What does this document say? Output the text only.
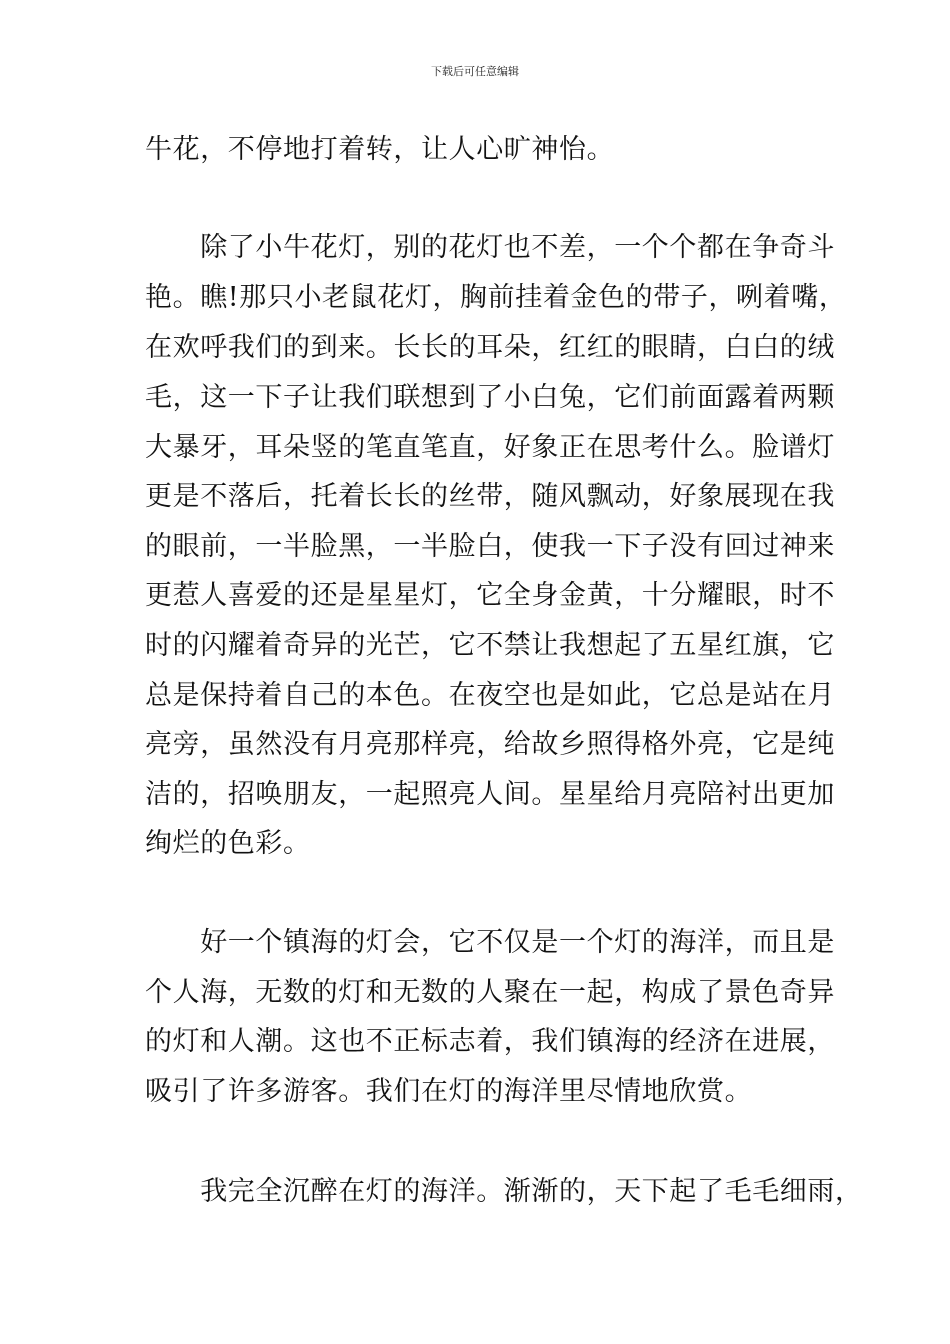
下载后可任意编辑
牛花，不停地打着转，让人心旷神怡。
　　除了小牛花灯，别的花灯也不差，一个个都在争奇斗
艳。瞧!那只小老鼠花灯，胸前挂着金色的带子，咧着嘴，
在欢呼我们的到来。长长的耳朵，红红的眼睛，白白的绒
毛，这一下子让我们联想到了小白兔，它们前面露着两颗
大暴牙，耳朵竖的笔直笔直，好象正在思考什么。脸谱灯
更是不落后，托着长长的丝带，随风飘动，好象展现在我
的眼前，一半脸黑，一半脸白，使我一下子没有回过神来
更惹人喜爱的还是星星灯，它全身金黄，十分耀眼，时不
时的闪耀着奇异的光芒，它不禁让我想起了五星红旗，它
总是保持着自己的本色。在夜空也是如此，它总是站在月
亮旁，虽然没有月亮那样亮，给故乡照得格外亮，它是纯
洁的，招唤朋友，一起照亮人间。星星给月亮陪衬出更加
绚烂的色彩。
　　好一个镇海的灯会，它不仅是一个灯的海洋，而且是
个人海，无数的灯和无数的人聚在一起，构成了景色奇异
的灯和人潮。这也不正标志着，我们镇海的经济在进展，
吸引了许多游客。我们在灯的海洋里尽情地欣赏。
　　我完全沉醉在灯的海洋。渐渐的，天下起了毛毛细雨，
